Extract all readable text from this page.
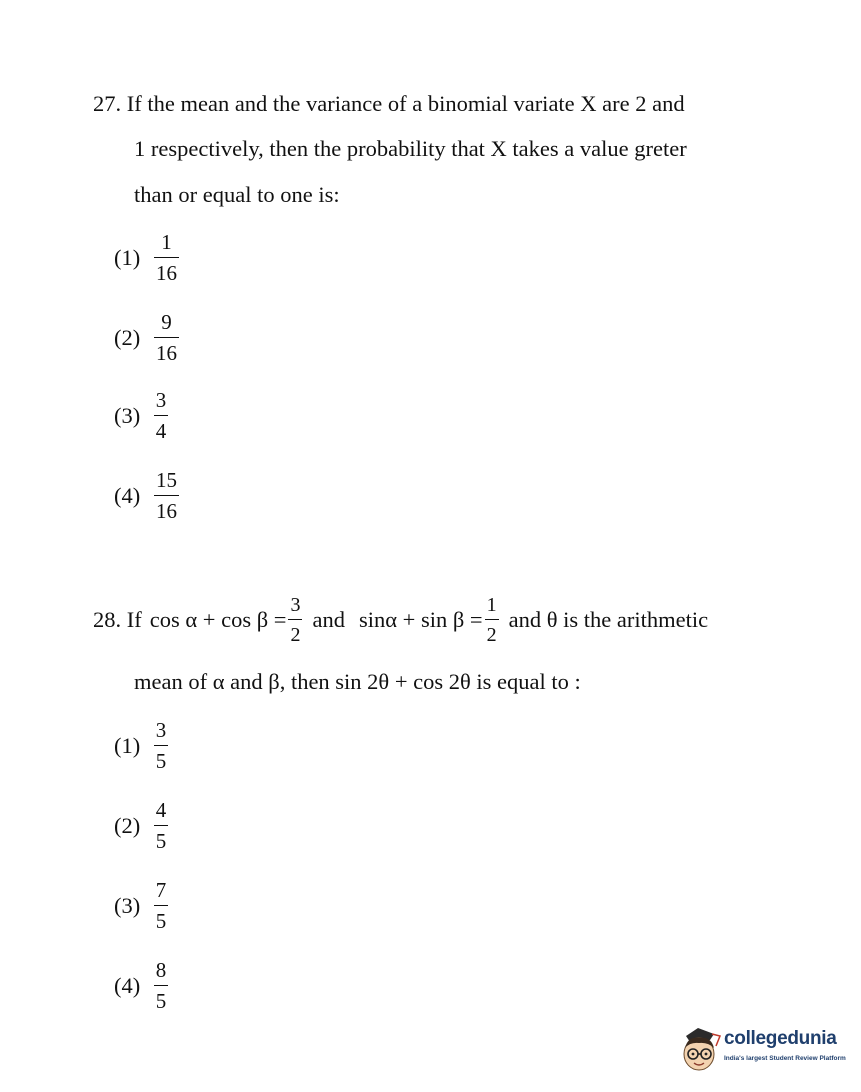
27. If the mean and the variance of a binomial variate X are 2 and
1 respectively, then the probability that X takes a value greter
than or equal to one is:
$(1) \frac{1}{16}$
$(2) \frac{9}{16}$
$(3) \frac{3}{4}$
$(4) \frac{15}{16}$
28. If $\cos \alpha + \cos \beta = \frac{3}{2}$ and $\sin\alpha + \sin \beta = \frac{1}{2}$ and θ is the arithmetic
mean of α and β, then sin 2θ + cos 2θ is equal to :
$(1) \frac{3}{5}$
$(2) \frac{4}{5}$
$(3) \frac{7}{5}$
$(4) \frac{8}{5}$
collegedunia
India's largest Student Review Platform
